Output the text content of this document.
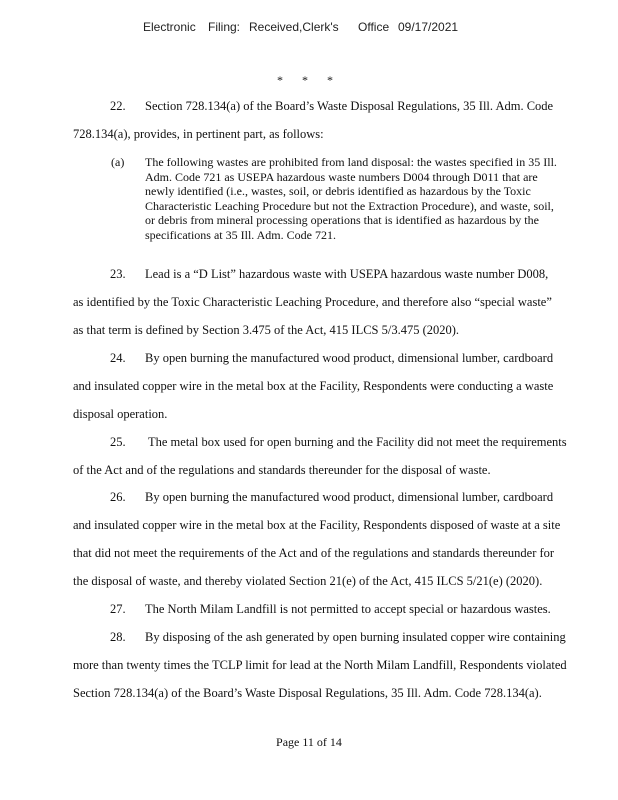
Electronic Filing: Received,Clerk's Office 09/17/2021
* * *
22. Section 728.134(a) of the Board’s Waste Disposal Regulations, 35 Ill. Adm. Code
728.134(a), provides, in pertinent part, as follows:
(a) The following wastes are prohibited from land disposal: the wastes specified in 35 Ill. Adm. Code 721 as USEPA hazardous waste numbers D004 through D011 that are newly identified (i.e., wastes, soil, or debris identified as hazardous by the Toxic Characteristic Leaching Procedure but not the Extraction Procedure), and waste, soil, or debris from mineral processing operations that is identified as hazardous by the specifications at 35 Ill. Adm. Code 721.
23. Lead is a “D List” hazardous waste with USEPA hazardous waste number D008,
as identified by the Toxic Characteristic Leaching Procedure, and therefore also “special waste”
as that term is defined by Section 3.475 of the Act, 415 ILCS 5/3.475 (2020).
24. By open burning the manufactured wood product, dimensional lumber, cardboard
and insulated copper wire in the metal box at the Facility, Respondents were conducting a waste
disposal operation.
25. The metal box used for open burning and the Facility did not meet the requirements
of the Act and of the regulations and standards thereunder for the disposal of waste.
26. By open burning the manufactured wood product, dimensional lumber, cardboard
and insulated copper wire in the metal box at the Facility, Respondents disposed of waste at a site
that did not meet the requirements of the Act and of the regulations and standards thereunder for
the disposal of waste, and thereby violated Section 21(e) of the Act, 415 ILCS 5/21(e) (2020).
27. The North Milam Landfill is not permitted to accept special or hazardous wastes.
28. By disposing of the ash generated by open burning insulated copper wire containing
more than twenty times the TCLP limit for lead at the North Milam Landfill, Respondents violated
Section 728.134(a) of the Board’s Waste Disposal Regulations, 35 Ill. Adm. Code 728.134(a).
Page 11 of 14
